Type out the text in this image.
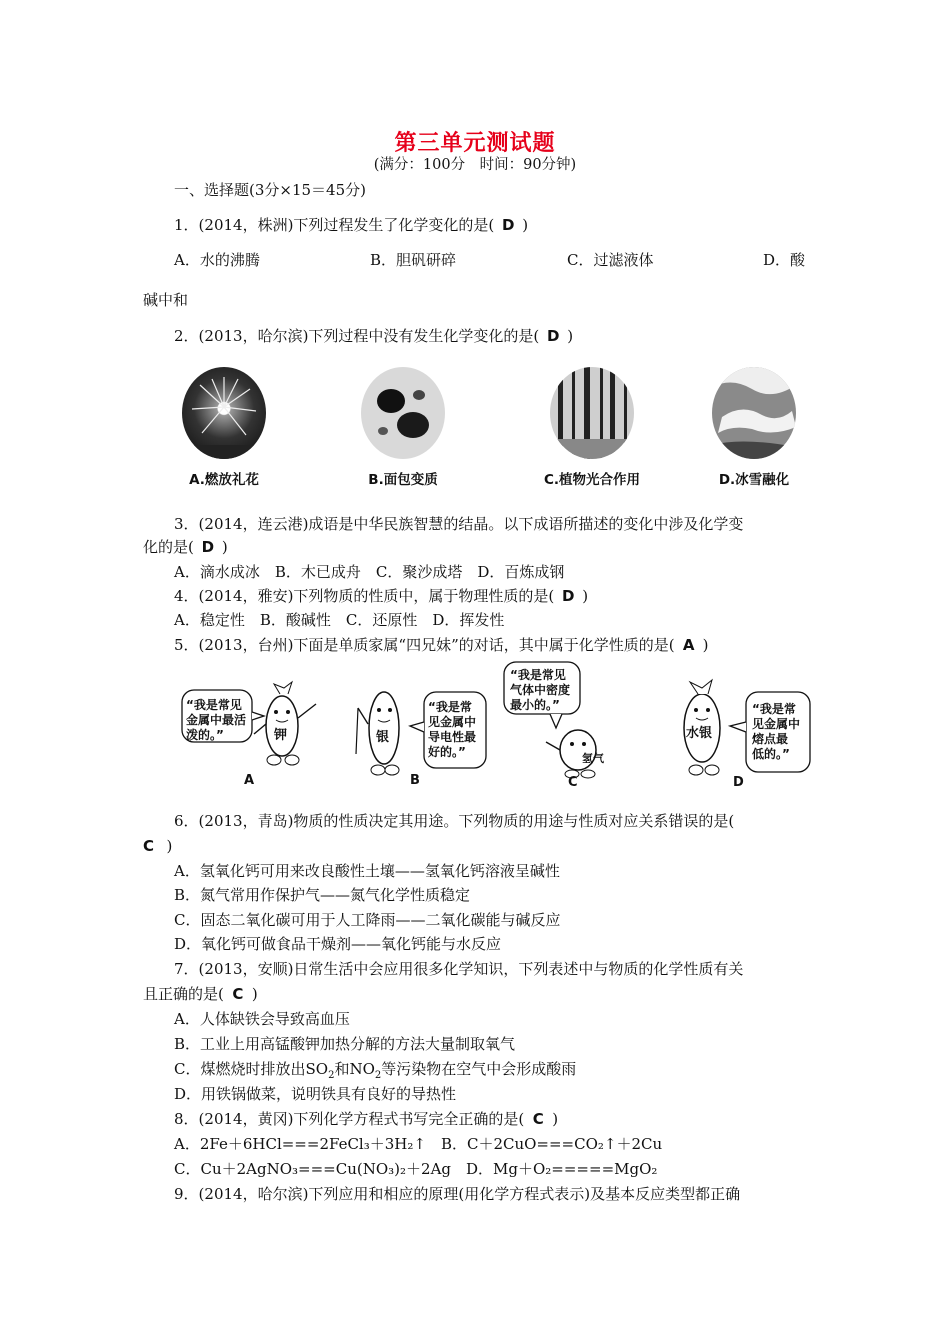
第三单元测试题
(满分：100分　时间：90分钟)
一、选择题(3分×15＝45分)
1．(2014，株洲)下列过程发生了化学变化的是( D )
A．水的沸腾	B．胆矾研碎	C．过滤液体	D．酸
碱中和
2．(2013，哈尔滨)下列过程中没有发生化学变化的是( D )
A.燃放礼花	B.面包变质	C.植物光合作用	D.冰雪融化
3．(2014，连云港)成语是中华民族智慧的结晶。以下成语所描述的变化中涉及化学变
化的是( D )
A．滴水成冰　B．木已成舟　C．聚沙成塔　D．百炼成钢
4．(2014，雅安)下列物质的性质中，属于物理性质的是( D )
A．稳定性　B．酸碱性　C．还原性　D．挥发性
5．(2013，台州)下面是单质家属“四兄妹”的对话，其中属于化学性质的是( A )
“我是常见
金属中最活
泼的。”	钾
A
“我是常
见金属中
导电性最
好的。”
银
B
“我是常见
气体中密度
最小的。”
氢气
C
“我是常
见金属中
熔点最
低的。”
水银
D
6．(2013，青岛)物质的性质决定其用途。下列物质的用途与性质对应关系错误的是(
C )
A．氢氧化钙可用来改良酸性土壤——氢氧化钙溶液呈碱性
B．氮气常用作保护气——氮气化学性质稳定
C．固态二氧化碳可用于人工降雨——二氧化碳能与碱反应
D．氧化钙可做食品干燥剂——氧化钙能与水反应
7．(2013，安顺)日常生活中会应用很多化学知识，下列表述中与物质的化学性质有关
且正确的是( C )
A．人体缺铁会导致高血压
B．工业上用高锰酸钾加热分解的方法大量制取氧气
C．煤燃烧时排放出$SO_2$和$NO_2$等污染物在空气中会形成酸雨
D．用铁锅做菜，说明铁具有良好的导热性
8．(2014，黄冈)下列化学方程式书写完全正确的是( C )
A．2Fe＋6HCl===2FeCl₃＋3H₂↑　B．C＋2CuO===CO₂↑＋2Cu
C．Cu＋2AgNO₃===Cu(NO₃)₂＋2Ag　D．Mg＋O₂=====MgO₂
9．(2014，哈尔滨)下列应用和相应的原理(用化学方程式表示)及基本反应类型都正确
